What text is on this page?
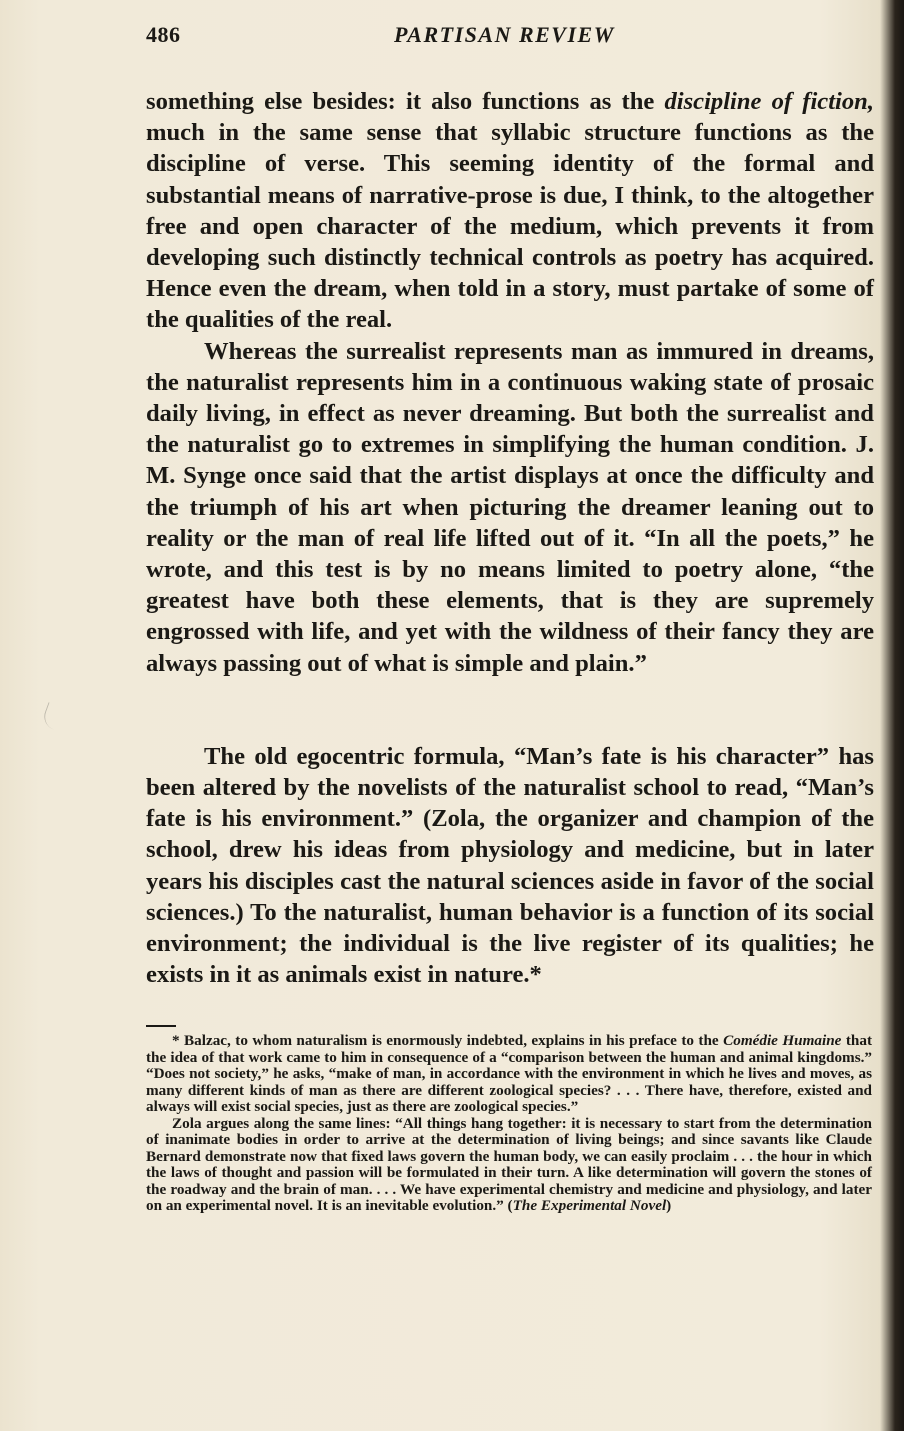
486	PARTISAN REVIEW

something else besides: it also functions as the discipline of fiction, much in the same sense that syllabic structure functions as the discipline of verse. This seeming identity of the formal and substantial means of narrative-prose is due, I think, to the altogether free and open character of the medium, which prevents it from developing such distinctly technical controls as poetry has acquired. Hence even the dream, when told in a story, must partake of some of the qualities of the real.

Whereas the surrealist represents man as immured in dreams, the naturalist represents him in a continuous waking state of prosaic daily living, in effect as never dreaming. But both the surrealist and the naturalist go to extremes in simplifying the human condition. J. M. Synge once said that the artist displays at once the difficulty and the triumph of his art when picturing the dreamer leaning out to reality or the man of real life lifted out of it. “In all the poets,” he wrote, and this test is by no means limited to poetry alone, “the greatest have both these elements, that is they are supremely engrossed with life, and yet with the wildness of their fancy they are always passing out of what is simple and plain.”

The old egocentric formula, “Man’s fate is his character” has been altered by the novelists of the naturalist school to read, “Man’s fate is his environment.” (Zola, the organizer and champion of the school, drew his ideas from physiology and medicine, but in later years his disciples cast the natural sciences aside in favor of the social sciences.) To the naturalist, human behavior is a function of its social environment; the individual is the live register of its qualities; he exists in it as animals exist in nature.*

* Balzac, to whom naturalism is enormously indebted, explains in his preface to the Comédie Humaine that the idea of that work came to him in consequence of a “comparison between the human and animal kingdoms.” “Does not society,” he asks, “make of man, in accordance with the environment in which he lives and moves, as many different kinds of man as there are different zoological species? . . . There have, therefore, existed and always will exist social species, just as there are zoological species.”

Zola argues along the same lines: “All things hang together: it is necessary to start from the determination of inanimate bodies in order to arrive at the determination of living beings; and since savants like Claude Bernard demonstrate now that fixed laws govern the human body, we can easily proclaim . . . the hour in which the laws of thought and passion will be formulated in their turn. A like determination will govern the stones of the roadway and the brain of man. . . . We have experimental chemistry and medicine and physiology, and later on an experimental novel. It is an inevitable evolution.” (The Experimental Novel)
